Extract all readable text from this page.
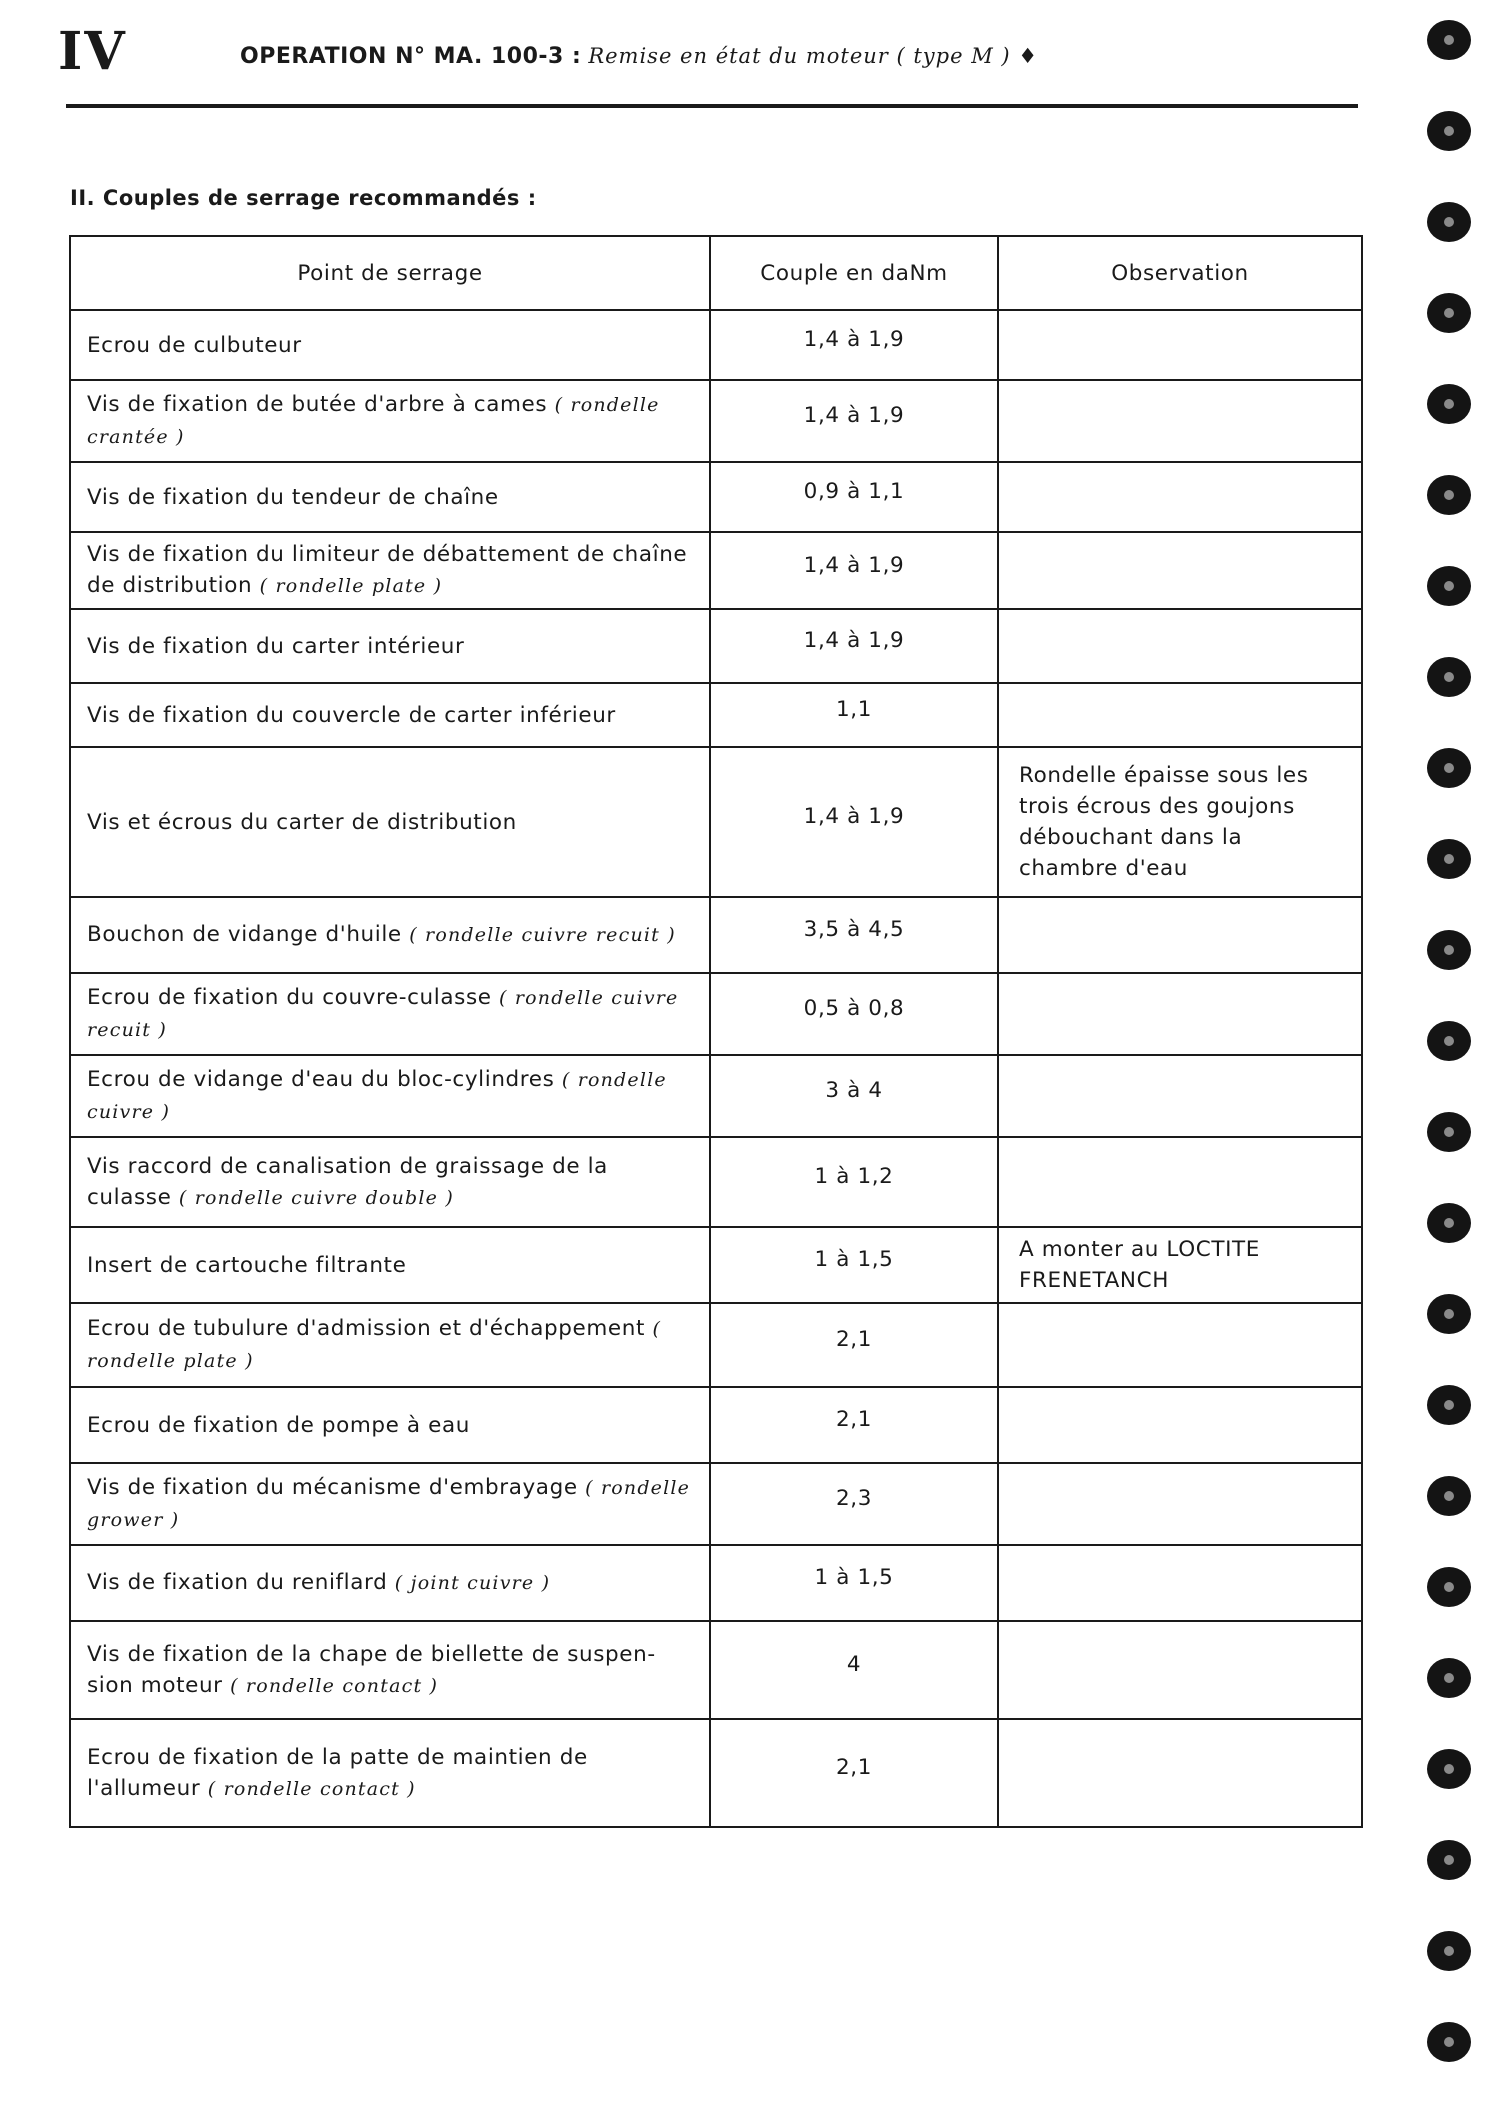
IV	OPERATION N° MA. 100-3 : Remise en état du moteur ( type M ) ♦
II. Couples de serrage recommandés :
Point de serrage	Couple en daNm	Observation
Ecrou de culbuteur	1,4 à 1,9	
Vis de fixation de butée d'arbre à cames ( rondelle crantée )	1,4 à 1,9	
Vis de fixation du tendeur de chaîne	0,9 à 1,1	
Vis de fixation du limiteur de débattement de chaîne de distribution ( rondelle plate )	1,4 à 1,9	
Vis de fixation du carter intérieur	1,4 à 1,9	
Vis de fixation du couvercle de carter inférieur	1,1	
Vis et écrous du carter de distribution	1,4 à 1,9	Rondelle épaisse sous les trois écrous des goujons débouchant dans la chambre d'eau
Bouchon de vidange d'huile ( rondelle cuivre recuit )	3,5 à 4,5	
Ecrou de fixation du couvre-culasse ( rondelle cuivre recuit )	0,5 à 0,8	
Ecrou de vidange d'eau du bloc-cylindres ( rondelle cuivre )	3 à 4	
Vis raccord de canalisation de graissage de la culasse ( rondelle cuivre double )	1 à 1,2	
Insert de cartouche filtrante	1 à 1,5	A monter au LOCTITE FRENETANCH
Ecrou de tubulure d'admission et d'échappement ( rondelle plate )	2,1	
Ecrou de fixation de pompe à eau	2,1	
Vis de fixation du mécanisme d'embrayage ( rondelle grower )	2,3	
Vis de fixation du reniflard ( joint cuivre )	1 à 1,5	
Vis de fixation de la chape de biellette de suspen-sion moteur ( rondelle contact )	4	
Ecrou de fixation de la patte de maintien de l'allumeur ( rondelle contact )	2,1	
